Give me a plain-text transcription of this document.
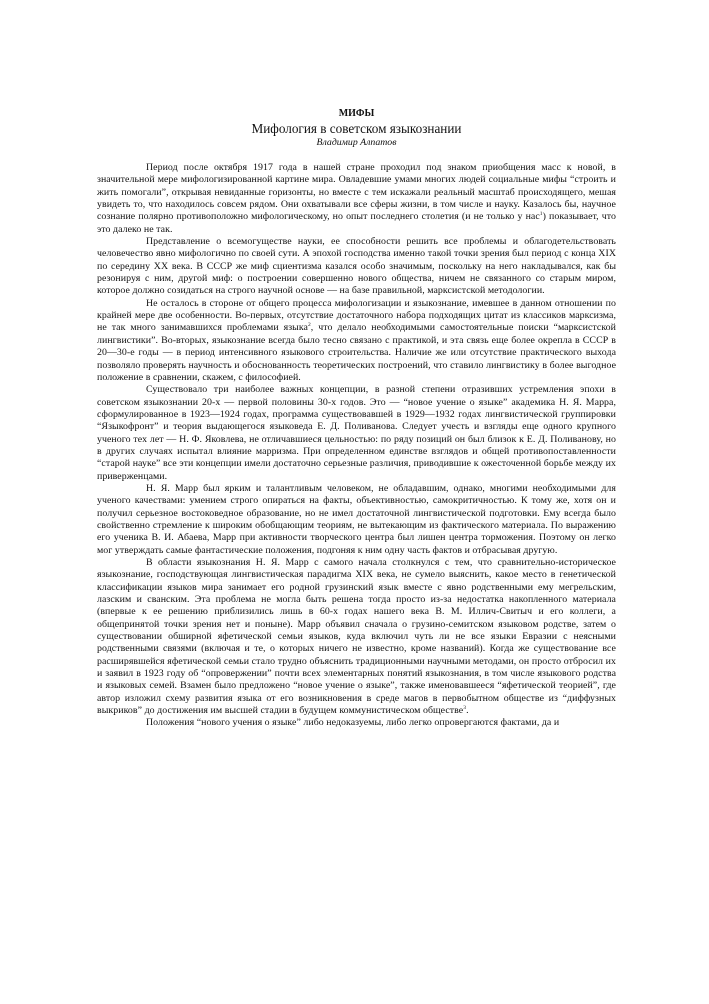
МИФЫ
Мифология в советском языкознании
Владимир Алпатов

Период после октября 1917 года в нашей стране проходил под знаком приобщения масс к новой, в значительной мере мифологизированной картине мира. Овладевшие умами многих людей социальные мифы “строить и жить помогали”, открывая невиданные горизонты, но вместе с тем искажали реальный масштаб происходящего, мешая увидеть то, что находилось совсем рядом. Они охватывали все сферы жизни, в том числе и науку. Казалось бы, научное сознание полярно противоположно мифологическому, но опыт последнего столетия (и не только у нас$^1$) показывает, что это далеко не так.

Представление о всемогуществе науки, ее способности решить все проблемы и облагодетельствовать человечество явно мифологично по своей сути. А эпохой господства именно такой точки зрения был период с конца XIX по середину XX века. В СССР же миф сциентизма казался особо значимым, поскольку на него накладывался, как бы резонируя с ним, другой миф: о построении совершенно нового общества, ничем не связанного со старым миром, которое должно созидаться на строго научной основе — на базе правильной, марксистской методологии.

Не осталось в стороне от общего процесса мифологизации и языкознание, имевшее в данном отношении по крайней мере две особенности. Во-первых, отсутствие достаточного набора подходящих цитат из классиков марксизма, не так много занимавшихся проблемами языка$^2$, что делало необходимыми самостоятельные поиски “марксистской лингвистики”. Во-вторых, языкознание всегда было тесно связано с практикой, и эта связь еще более окрепла в СССР в 20—30-е годы — в период интенсивного языкового строительства. Наличие же или отсутствие практического выхода позволяло проверять научность и обоснованность теоретических построений, что ставило лингвистику в более выгодное положение в сравнении, скажем, с философией.

Существовало три наиболее важных концепции, в разной степени отразивших устремления эпохи в советском языкознании 20-х — первой половины 30-х годов. Это — “новое учение о языке” академика Н. Я. Марра, сформулированное в 1923—1924 годах, программа существовавшей в 1929—1932 годах лингвистической группировки “Языкофронт” и теория выдающегося языковеда Е. Д. Поливанова. Следует учесть и взгляды еще одного крупного ученого тех лет — Н. Ф. Яковлева, не отличавшиеся цельностью: по ряду позиций он был близок к Е. Д. Поливанову, но в других случаях испытал влияние марризма. При определенном единстве взглядов и общей противопоставленности “старой науке” все эти концепции имели достаточно серьезные различия, приводившие к ожесточенной борьбе между их приверженцами.

Н. Я. Марр был ярким и талантливым человеком, не обладавшим, однако, многими необходимыми для ученого качествами: умением строго опираться на факты, объективностью, самокритичностью. К тому же, хотя он и получил серьезное востоковедное образование, но не имел достаточной лингвистической подготовки. Ему всегда было свойственно стремление к широким обобщающим теориям, не вытекающим из фактического материала. По выражению его ученика В. И. Абаева, Марр при активности творческого центра был лишен центра торможения. Поэтому он легко мог утверждать самые фантастические положения, подгоняя к ним одну часть фактов и отбрасывая другую.

В области языкознания Н. Я. Марр с самого начала столкнулся с тем, что сравнительно-историческое языкознание, господствующая лингвистическая парадигма XIX века, не сумело выяснить, какое место в генетической классификации языков мира занимает его родной грузинский язык вместе с явно родственными ему мегрельским, лазским и сванским. Эта проблема не могла быть решена тогда просто из-за недостатка накопленного материала (впервые к ее решению приблизились лишь в 60-х годах нашего века В. М. Иллич-Свитыч и его коллеги, а общепринятой точки зрения нет и поныне). Марр объявил сначала о грузино-семитском языковом родстве, затем о существовании обширной яфетической семьи языков, куда включил чуть ли не все языки Евразии с неясными родственными связями (включая и те, о которых ничего не известно, кроме названий). Когда же существование все расширявшейся яфетической семьи стало трудно объяснить традиционными научными методами, он просто отбросил их и заявил в 1923 году об “опровержении” почти всех элементарных понятий языкознания, в том числе языкового родства и языковых семей. Взамен было предложено “новое учение о языке”, также именовавшееся “яфетической теорией”, где автор изложил схему развития языка от его возникновения в среде магов в первобытном обществе из “диффузных выкриков” до достижения им высшей стадии в будущем коммунистическом обществе$^3$.

Положения “нового учения о языке” либо недоказуемы, либо легко опровергаются фактами, да и
